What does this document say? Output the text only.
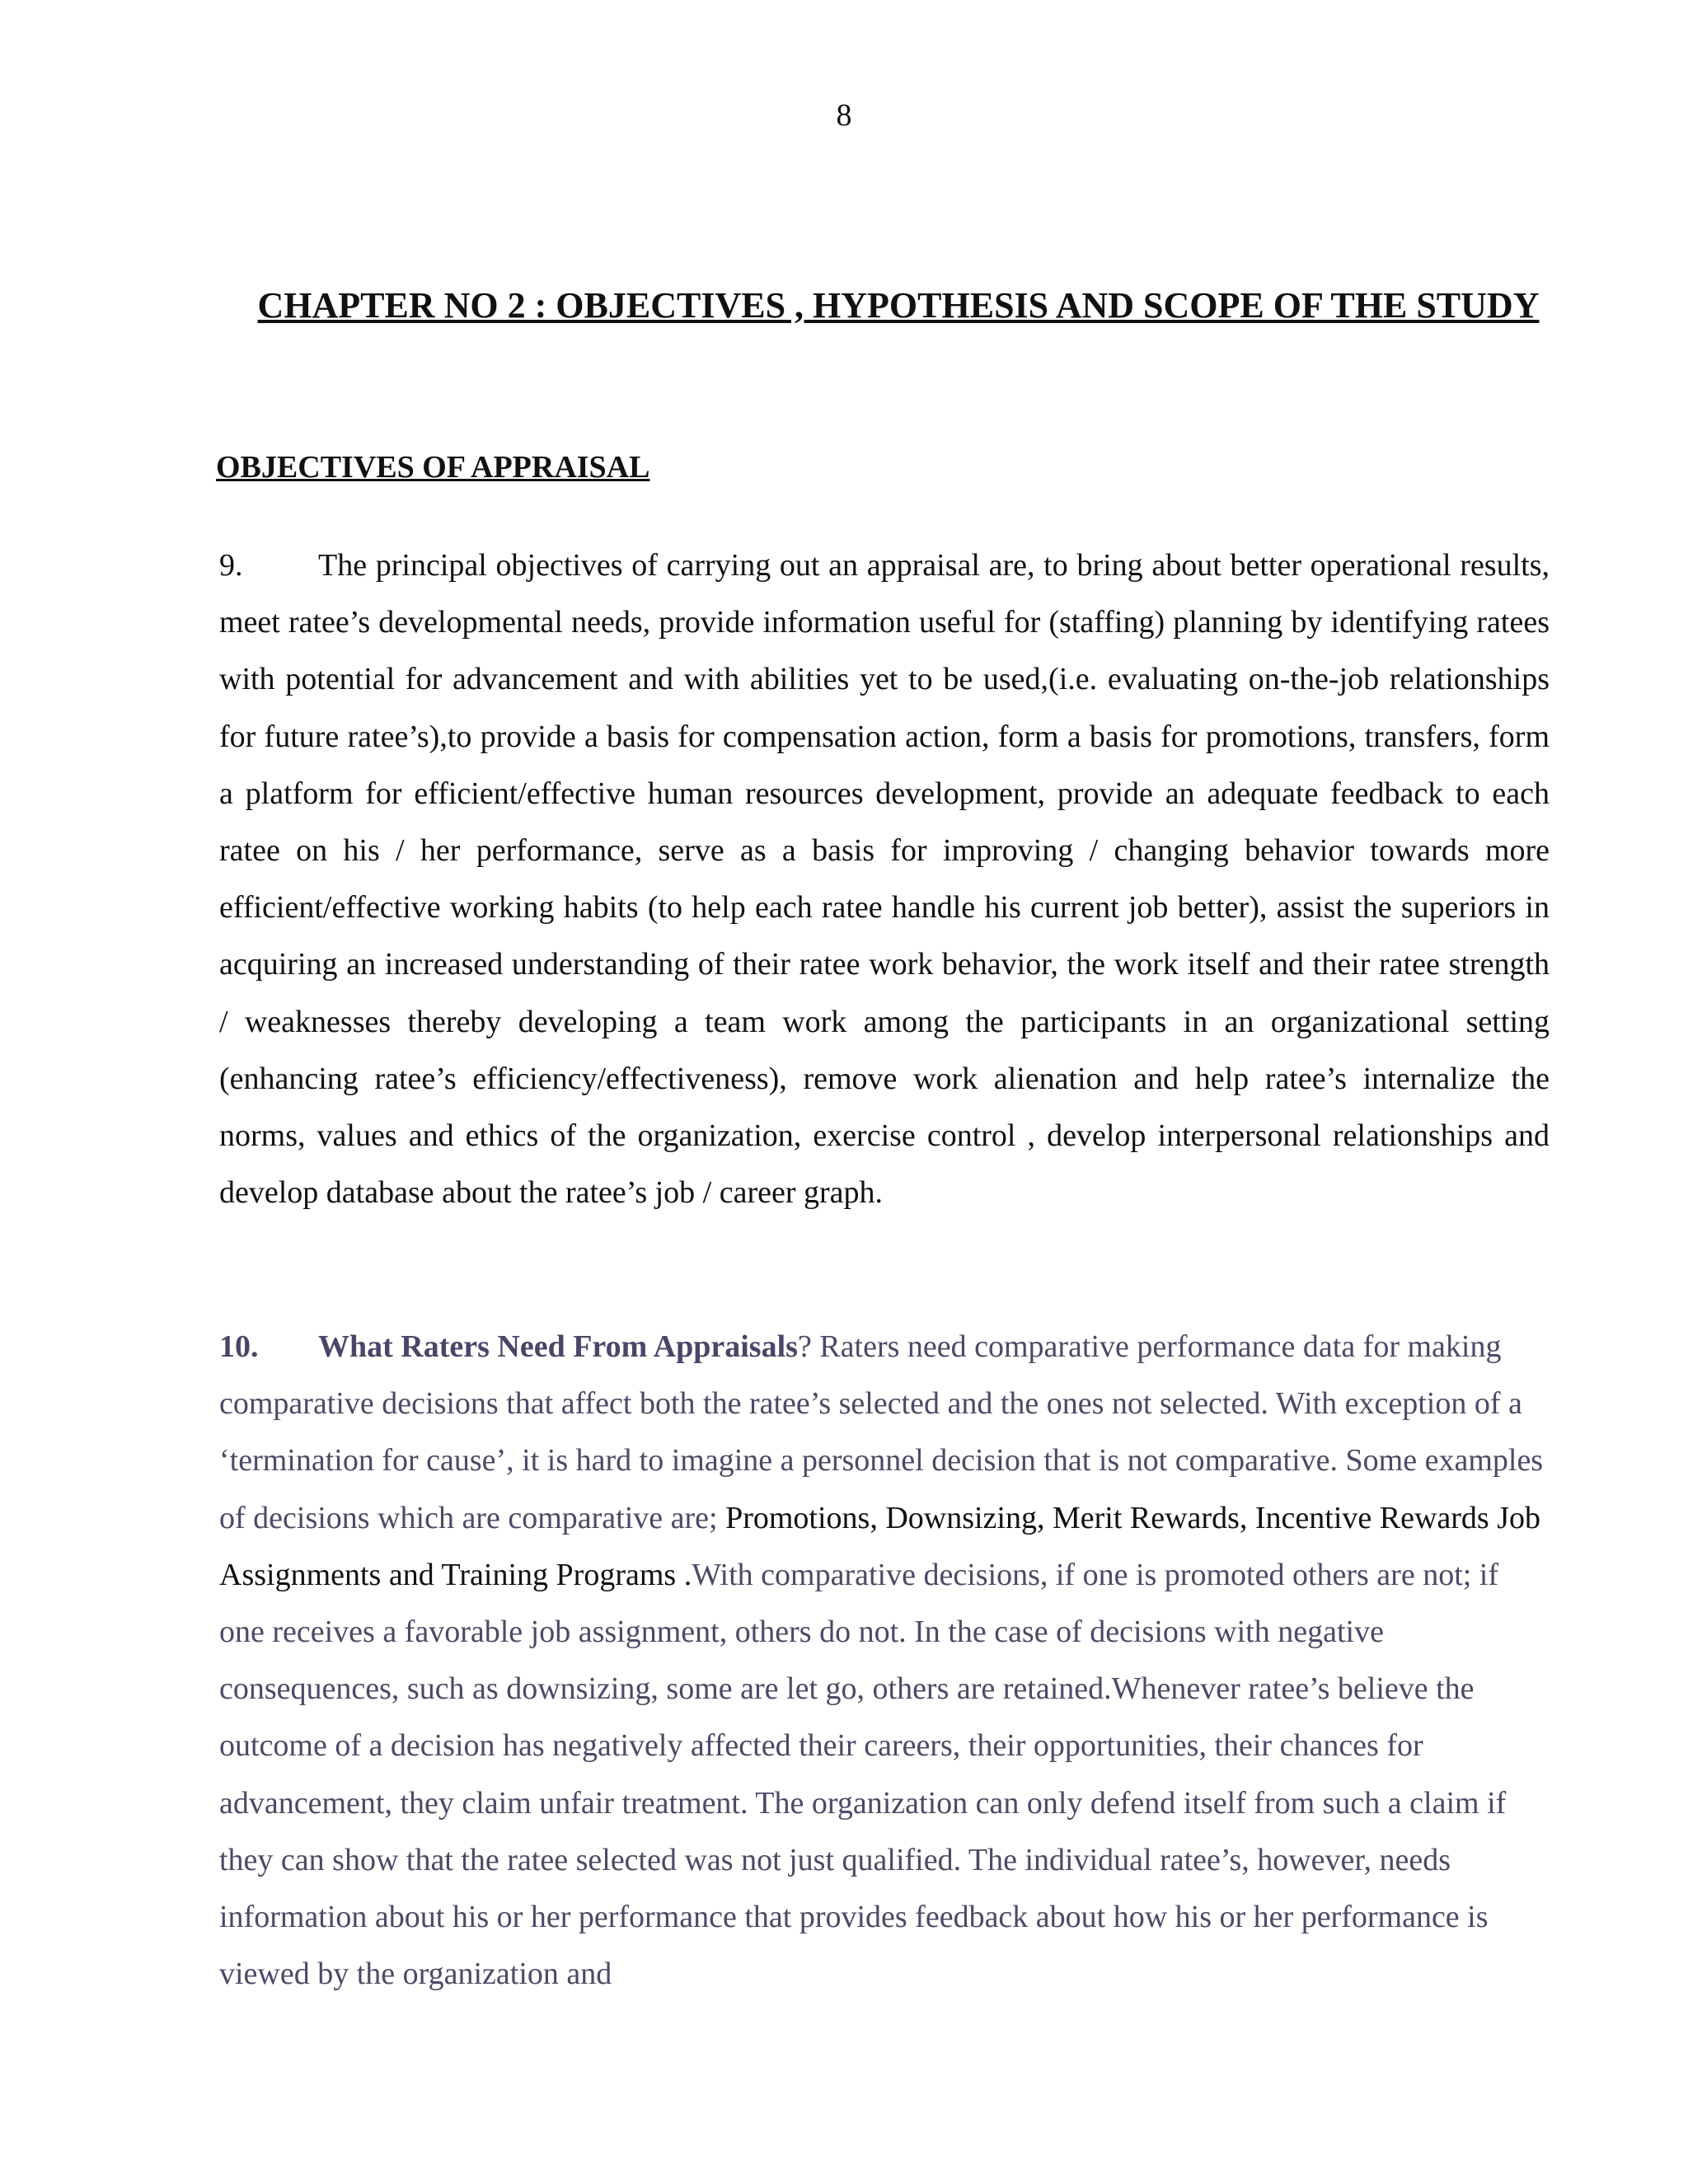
8
CHAPTER NO 2 : OBJECTIVES , HYPOTHESIS AND SCOPE OF THE STUDY
OBJECTIVES OF APPRAISAL
9. The principal objectives of carrying out an appraisal are, to bring about better operational results, meet ratee’s developmental needs, provide information useful for (staffing) planning by identifying ratees with potential for advancement and with abilities yet to be used,(i.e. evaluating on-the-job relationships for future ratee’s),to provide a basis for compensation action, form a basis for promotions, transfers, form a platform for efficient/effective human resources development, provide an adequate feedback to each ratee on his / her performance, serve as a basis for improving / changing behavior towards more efficient/effective working habits (to help each ratee handle his current job better), assist the superiors in acquiring an increased understanding of their ratee work behavior, the work itself and their ratee strength / weaknesses thereby developing a team work among the participants in an organizational setting (enhancing ratee’s efficiency/effectiveness), remove work alienation and help ratee’s internalize the norms, values and ethics of the organization, exercise control , develop interpersonal relationships and develop database about the ratee’s job / career graph.
10. What Raters Need From Appraisals? Raters need comparative performance data for making comparative decisions that affect both the ratee’s selected and the ones not selected. With exception of a ‘termination for cause’, it is hard to imagine a personnel decision that is not comparative. Some examples of decisions which are comparative are; Promotions, Downsizing, Merit Rewards, Incentive Rewards Job Assignments and Training Programs .With comparative decisions, if one is promoted others are not; if one receives a favorable job assignment, others do not. In the case of decisions with negative consequences, such as downsizing, some are let go, others are retained.Whenever ratee’s believe the outcome of a decision has negatively affected their careers, their opportunities, their chances for advancement, they claim unfair treatment. The organization can only defend itself from such a claim if they can show that the ratee selected was not just qualified. The individual ratee’s, however, needs information about his or her performance that provides feedback about how his or her performance is viewed by the organization and
